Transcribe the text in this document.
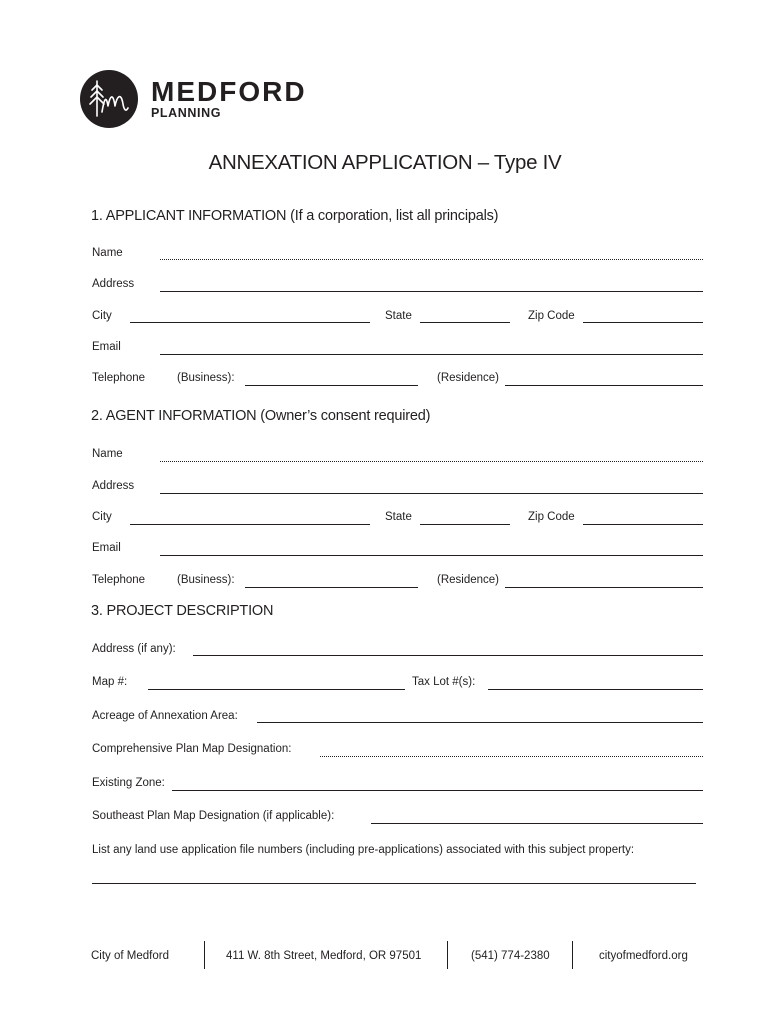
MEDFORD
PLANNING
ANNEXATION APPLICATION – Type IV
1. APPLICANT INFORMATION (If a corporation, list all principals)
Name
Address
City	State	Zip Code
Email
Telephone	(Business):	(Residence)
2. AGENT INFORMATION (Owner’s consent required)
Name
Address
City	State	Zip Code
Email
Telephone	(Business):	(Residence)
3. PROJECT DESCRIPTION
Address (if any):
Map #:	Tax Lot #(s):
Acreage of Annexation Area:
Comprehensive Plan Map Designation:
Existing Zone:
Southeast Plan Map Designation (if applicable):
List any land use application file numbers (including pre-applications) associated with this subject property:
City of Medford	411 W. 8th Street, Medford, OR 97501	(541) 774-2380	cityofmedford.org
